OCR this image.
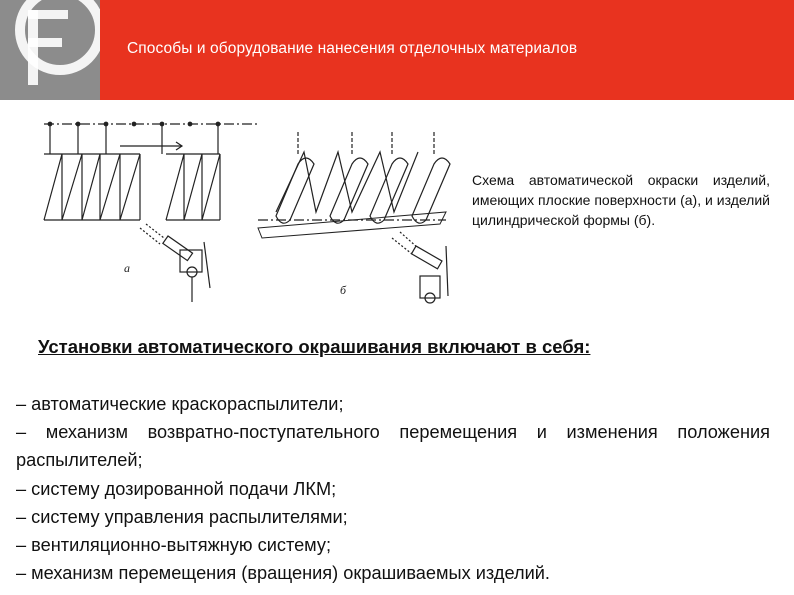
Способы и оборудование нанесения отделочных материалов
а
б
Схема автоматической окраски изделий, имеющих плоские поверхности (а), и изделий цилиндрической формы (б).
Установки автоматического окрашивания включают в себя:
– автоматические краскораспылители;
– механизм возвратно-поступательного перемещения и изменения положения распылителей;
– систему дозированной подачи ЛКМ;
– систему управления распылителями;
– вентиляционно-вытяжную систему;
– механизм перемещения (вращения) окрашиваемых изделий.
